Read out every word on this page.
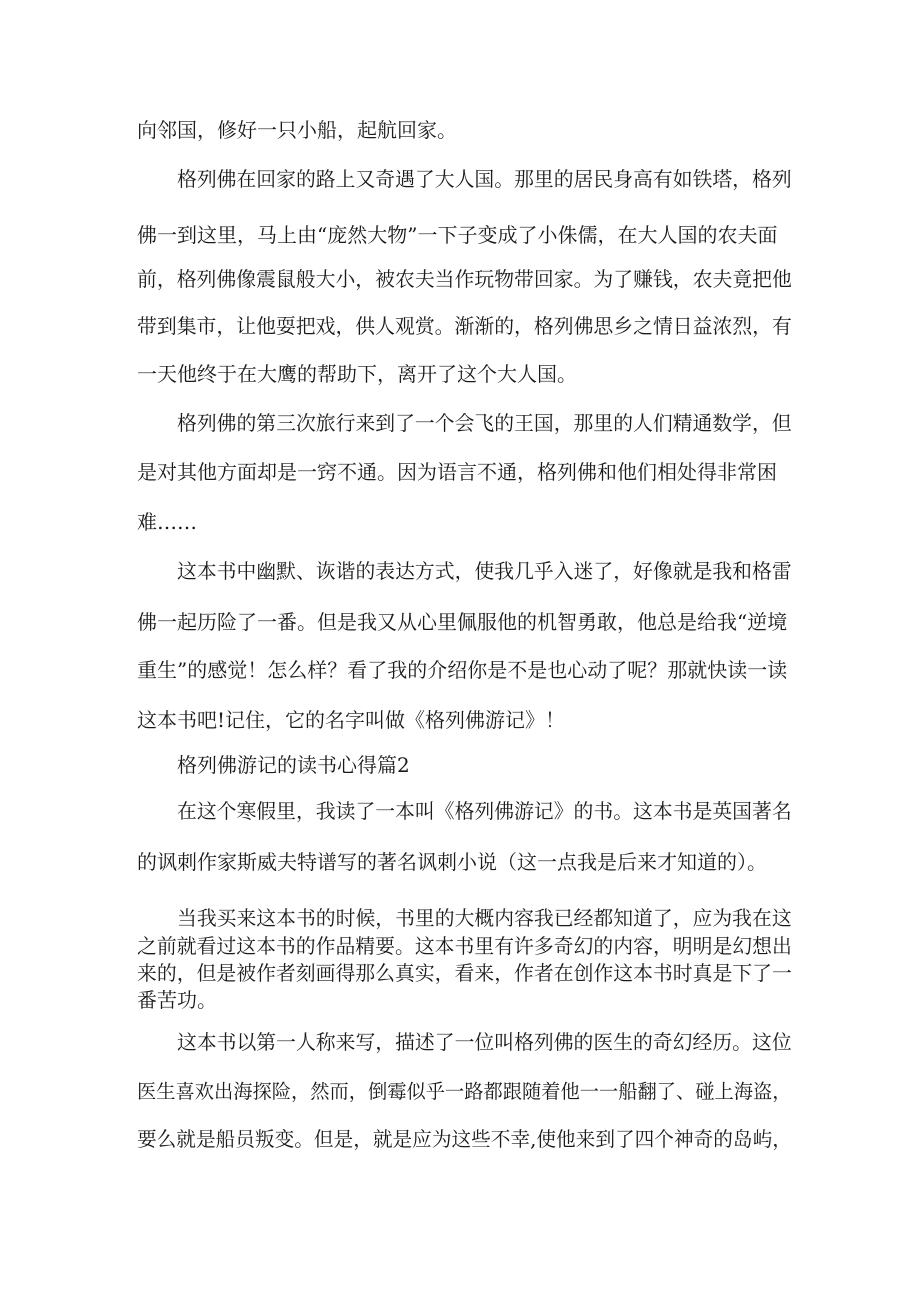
向邻国，修好一只小船，起航回家。

格列佛在回家的路上又奇遇了大人国。那里的居民身高有如铁塔，格列

佛一到这里，马上由“庞然大物”一下子变成了小侏儒，在大人国的农夫面

前，格列佛像震鼠般大小，被农夫当作玩物带回家。为了赚钱，农夫竟把他

带到集市，让他耍把戏，供人观赏。渐渐的，格列佛思乡之情日益浓烈，有

一天他终于在大鹰的帮助下，离开了这个大人国。

格列佛的第三次旅行来到了一个会飞的王国，那里的人们精通数学，但

是对其他方面却是一窍不通。因为语言不通，格列佛和他们相处得非常困

难……

这本书中幽默、诙谐的表达方式，使我几乎入迷了，好像就是我和格雷

佛一起历险了一番。但是我又从心里佩服他的机智勇敢，他总是给我“逆境

重生”的感觉！怎么样？看了我的介绍你是不是也心动了呢？那就快读一读

这本书吧!记住，它的名字叫做《格列佛游记》！

格列佛游记的读书心得篇2

在这个寒假里，我读了一本叫《格列佛游记》的书。这本书是英国著名

的讽刺作家斯威夫特谱写的著名讽刺小说（这一点我是后来才知道的）。

当我买来这本书的时候，书里的大概内容我已经都知道了，应为我在这

之前就看过这本书的作品精要。这本书里有许多奇幻的内容，明明是幻想出

来的，但是被作者刻画得那么真实，看来，作者在创作这本书时真是下了一

番苦功。

这本书以第一人称来写，描述了一位叫格列佛的医生的奇幻经历。这位

医生喜欢出海探险，然而，倒霉似乎一路都跟随着他一一船翻了、碰上海盗，

要么就是船员叛变。但是，就是应为这些不幸,使他来到了四个神奇的岛屿，
